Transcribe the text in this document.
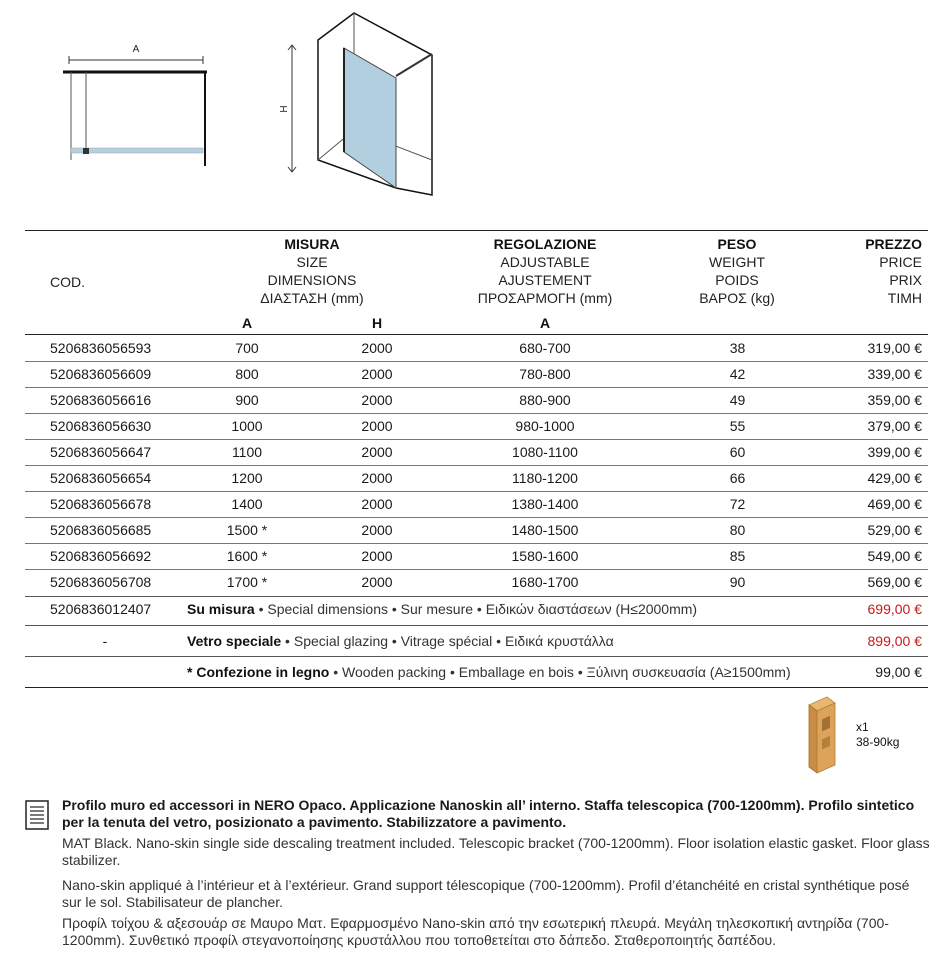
A
H
COD.
MISURA
SIZE
DIMENSIONS
ΔΙΑΣΤΑΣΗ (mm)
REGOLAZIONE
ADJUSTABLE
AJUSTEMENT
ΠΡΟΣΑΡΜΟΓΗ (mm)
PESO
WEIGHT
POIDS
ΒΑΡΟΣ (kg)
PREZZO
PRICE
PRIX
ΤΙΜΗ
A	H	A
5206836056593	700	2000	680-700	38	319,00 €
5206836056609	800	2000	780-800	42	339,00 €
5206836056616	900	2000	880-900	49	359,00 €
5206836056630	1000	2000	980-1000	55	379,00 €
5206836056647	1100	2000	1080-1100	60	399,00 €
5206836056654	1200	2000	1180-1200	66	429,00 €
5206836056678	1400	2000	1380-1400	72	469,00 €
5206836056685	1500 *	2000	1480-1500	80	529,00 €
5206836056692	1600 *	2000	1580-1600	85	549,00 €
5206836056708	1700 *	2000	1680-1700	90	569,00 €
5206836012407	Su misura • Special dimensions • Sur mesure • Ειδικών διαστάσεων (H≤2000mm)	699,00 €
-	Vetro speciale • Special glazing • Vitrage spécial • Ειδικά κρυστάλλα	899,00 €
* Confezione in legno • Wooden packing • Emballage en bois • Ξύλινη συσκευασία (A≥1500mm)	99,00 €
x1
38-90kg
Profilo muro ed accessori in NERO Opaco. Applicazione Nanoskin all’ interno. Staffa telescopica (700-1200mm). Profilo sintetico per la tenuta del vetro, posizionato a pavimento. Stabilizzatore a pavimento.
MAT Black. Nano-skin single side descaling treatment included. Telescopic bracket (700-1200mm). Floor isolation elastic gasket. Floor glass stabilizer.
Nano-skin appliqué à l’intérieur et à l’extérieur. Grand support télescopique (700-1200mm). Profil d’étanchéité en cristal synthétique posé sur le sol. Stabilisateur de plancher.
Προφίλ τοίχου & αξεσουάρ σε Μαυρο Ματ. Εφαρμοσμένο Nano-skin από την εσωτερική πλευρά. Μεγάλη τηλεσκοπική αντηρίδα (700-1200mm). Συνθετικό προφίλ στεγανοποίησης κρυστάλλου που τοποθετείται στο δάπεδο. Σταθεροποιητής δαπέδου.
